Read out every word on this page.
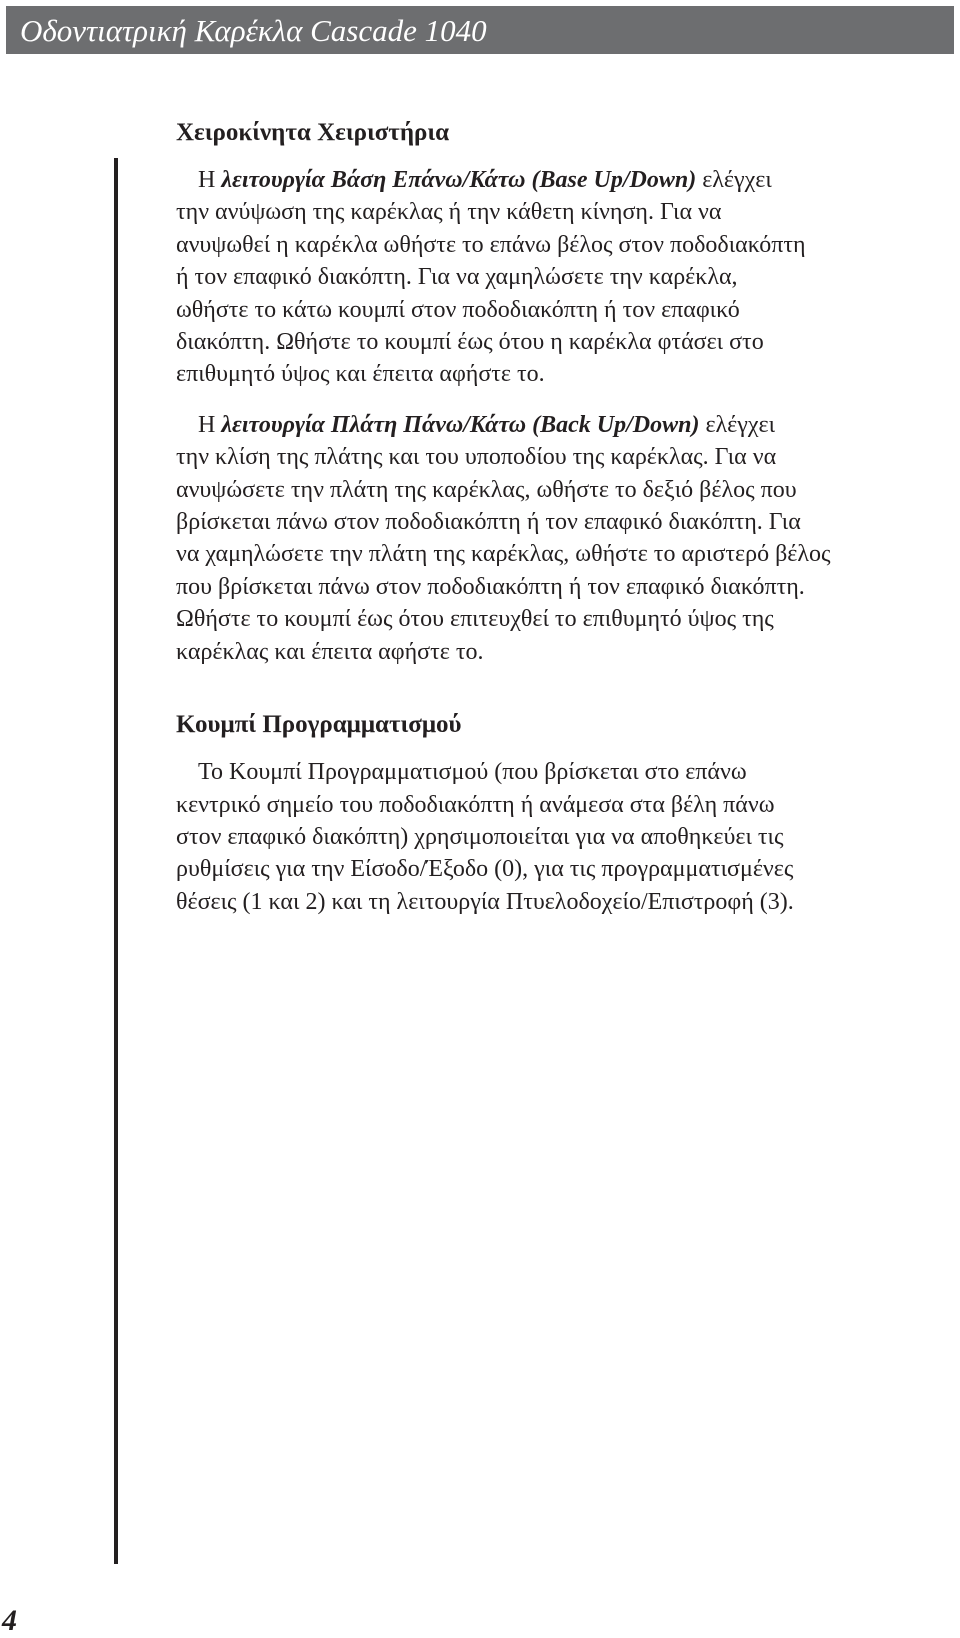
Οδοντιατρική Καρέκλα Cascade 1040
Χειροκίνητα Χειριστήρια

Η λειτουργία Βάση Επάνω/Κάτω (Base Up/Down) ελέγχει
την ανύψωση της καρέκλας ή την κάθετη κίνηση. Για να
ανυψωθεί η καρέκλα ωθήστε το επάνω βέλος στον ποδοδιακόπτη
ή τον επαφικό διακόπτη. Για να χαμηλώσετε την καρέκλα,
ωθήστε το κάτω κουμπί στον ποδοδιακόπτη ή τον επαφικό
διακόπτη. Ωθήστε το κουμπί έως ότου η καρέκλα φτάσει στο
επιθυμητό ύψος και έπειτα αφήστε το.

Η λειτουργία Πλάτη Πάνω/Κάτω (Back Up/Down) ελέγχει
την κλίση της πλάτης και του υποποδίου της καρέκλας. Για να
ανυψώσετε την πλάτη της καρέκλας, ωθήστε το δεξιό βέλος που
βρίσκεται πάνω στον ποδοδιακόπτη ή τον επαφικό διακόπτη. Για
να χαμηλώσετε την πλάτη της καρέκλας, ωθήστε το αριστερό βέλος
που βρίσκεται πάνω στον ποδοδιακόπτη ή τον επαφικό διακόπτη.
Ωθήστε το κουμπί έως ότου επιτευχθεί το επιθυμητό ύψος της
καρέκλας και έπειτα αφήστε το.

Κουμπί Προγραμματισμού

Το Κουμπί Προγραμματισμού (που βρίσκεται στο επάνω
κεντρικό σημείο του ποδοδιακόπτη ή ανάμεσα στα βέλη πάνω
στον επαφικό διακόπτη) χρησιμοποιείται για να αποθηκεύει τις
ρυθμίσεις για την Είσοδο/Έξοδο (0), για τις προγραμματισμένες
θέσεις (1 και 2) και τη λειτουργία Πτυελοδοχείο/Επιστροφή (3).

4
